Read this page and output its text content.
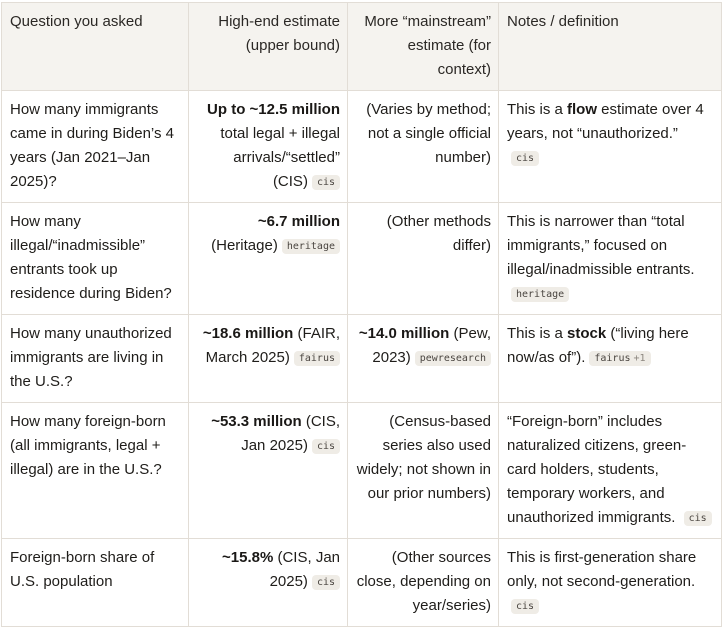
Question you asked	High-end estimate (upper bound)	More “mainstream” estimate (for context)	Notes / definition
How many immigrants came in during Biden’s 4 years (Jan 2021–Jan 2025)?	Up to ~12.5 million total legal + illegal arrivals/“settled” (CIS) cis	(Varies by method; not a single official number)	This is a flow estimate over 4 years, not “unauthorized.” cis
How many illegal/“inadmissible” entrants took up residence during Biden?	~6.7 million (Heritage) heritage	(Other methods differ)	This is narrower than “total immigrants,” focused on illegal/inadmissible entrants. heritage
How many unauthorized immigrants are living in the U.S.?	~18.6 million (FAIR, March 2025) fairus	~14.0 million (Pew, 2023) pewresearch	This is a stock (“living here now/as of”). fairus +1
How many foreign-born (all immigrants, legal + illegal) are in the U.S.?	~53.3 million (CIS, Jan 2025) cis	(Census-based series also used widely; not shown in our prior numbers)	“Foreign-born” includes naturalized citizens, green-card holders, students, temporary workers, and unauthorized immigrants. cis
Foreign-born share of U.S. population	~15.8% (CIS, Jan 2025) cis	(Other sources close, depending on year/series)	This is first-generation share only, not second-generation. cis
